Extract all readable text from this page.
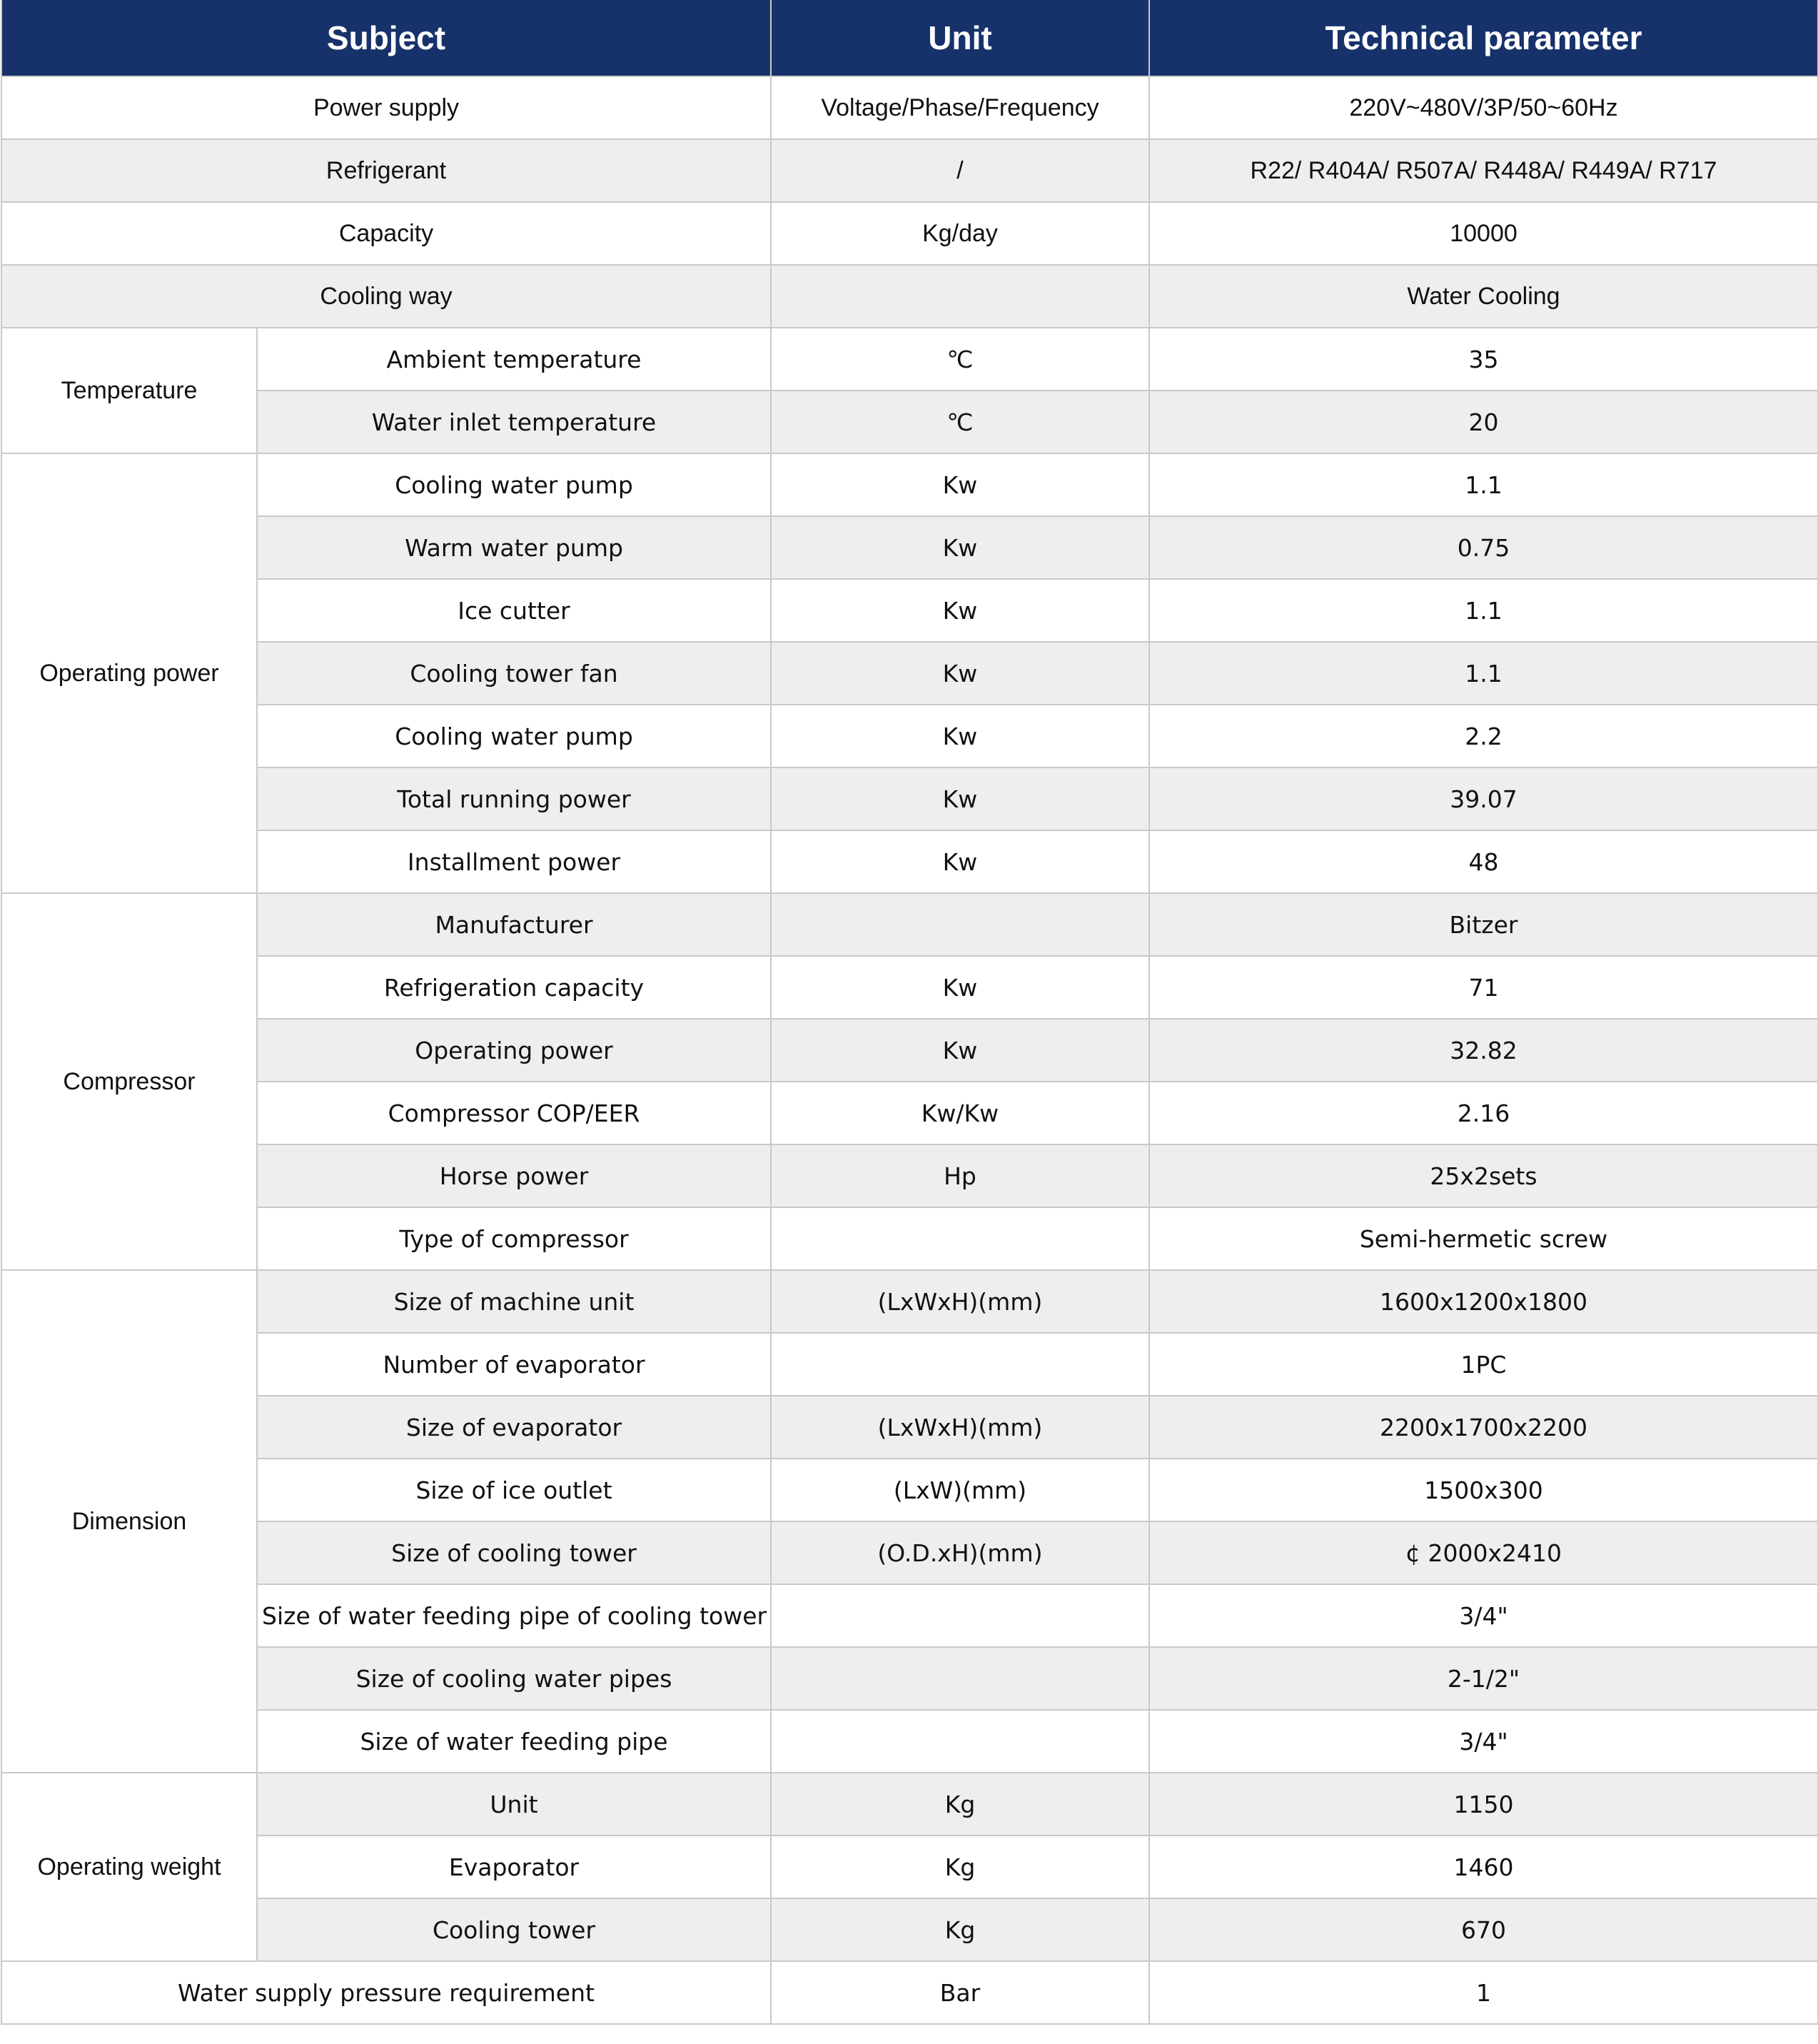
Subject		Unit	Technical parameter
Power supply		Voltage/Phase/Frequency	220V~480V/3P/50~60Hz
Refrigerant		/	R22/ R404A/ R507A/ R448A/ R449A/ R717
Capacity		Kg/day	10000
Cooling way			Water Cooling
Temperature	Ambient temperature	℃	35
	Water inlet temperature	℃	20
Operating power	Cooling water pump	Kw	1.1
	Warm water pump	Kw	0.75
	Ice cutter	Kw	1.1
	Cooling tower fan	Kw	1.1
	Cooling water pump	Kw	2.2
	Total running power	Kw	39.07
	Installment power	Kw	48
Compressor	Manufacturer		Bitzer
	Refrigeration capacity	Kw	71
	Operating power	Kw	32.82
	Compressor COP/EER	Kw/Kw	2.16
	Horse power	Hp	25x2sets
	Type of compressor		Semi-hermetic screw
Dimension	Size of machine unit	(LxWxH)(mm)	1600x1200x1800
	Number of evaporator		1PC
	Size of evaporator	(LxWxH)(mm)	2200x1700x2200
	Size of ice outlet	(LxW)(mm)	1500x300
	Size of cooling tower	(O.D.xH)(mm)	¢ 2000x2410
	Size of water feeding pipe of cooling tower		3/4"
	Size of cooling water pipes		2-1/2"
	Size of water feeding pipe		3/4"
Operating weight	Unit	Kg	1150
	Evaporator	Kg	1460
	Cooling tower	Kg	670
Water supply pressure requirement		Bar	1
